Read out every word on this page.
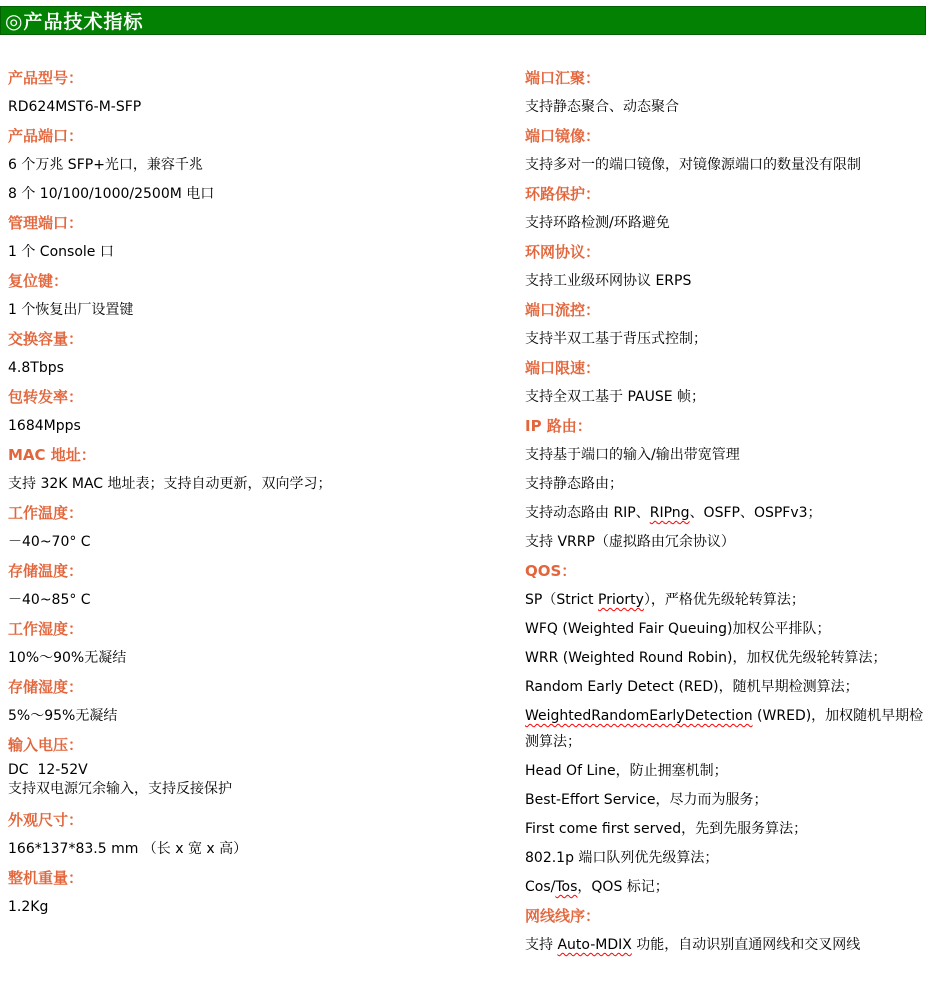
◎ 产品技术指标
产品型号：

RD624MST6-M-SFP

产品端口：

6 个万兆 SFP+光口，兼容千兆

8 个 10/100/1000/2500M 电口

管理端口：

1 个 Console 口

复位键：

1 个恢复出厂设置键

交换容量：

4.8Tbps

包转发率：

1684Mpps

MAC 地址：

支持 32K MAC 地址表；支持自动更新，双向学习；

工作温度：

－40~70° C

存储温度：

－40~85° C

工作湿度：

10%～90%无凝结

存储湿度：

5%～95%无凝结

输入电压：

DC  12-52V

支持双电源冗余输入，支持反接保护

外观尺寸：

166*137*83.5 mm （长 x 宽 x 高）

整机重量：

1.2Kg

端口汇聚：

支持静态聚合、动态聚合

端口镜像：

支持多对一的端口镜像，对镜像源端口的数量没有限制

环路保护：

支持环路检测/环路避免

环网协议：

支持工业级环网协议 ERPS

端口流控：

支持半双工基于背压式控制；

端口限速：

支持全双工基于 PAUSE 帧；

IP 路由：

支持基于端口的输入/输出带宽管理

支持静态路由；

支持动态路由 RIP、RIPng、OSFP、OSPFv3；

支持 VRRP（虚拟路由冗余协议）

QOS：

SP（Strict Priorty），严格优先级轮转算法；

WFQ (Weighted Fair Queuing)加权公平排队；

WRR (Weighted Round Robin)，加权优先级轮转算法；

Random Early Detect (RED)，随机早期检测算法；

WeightedRandomEarlyDetection (WRED)，加权随机早期检测算法；

Head Of Line，防止拥塞机制；

Best-Effort Service，尽力而为服务；

First come first served，先到先服务算法；

802.1p 端口队列优先级算法；

Cos/Tos，QOS 标记；

网线线序：

支持 Auto-MDIX 功能，自动识别直通网线和交叉网线
